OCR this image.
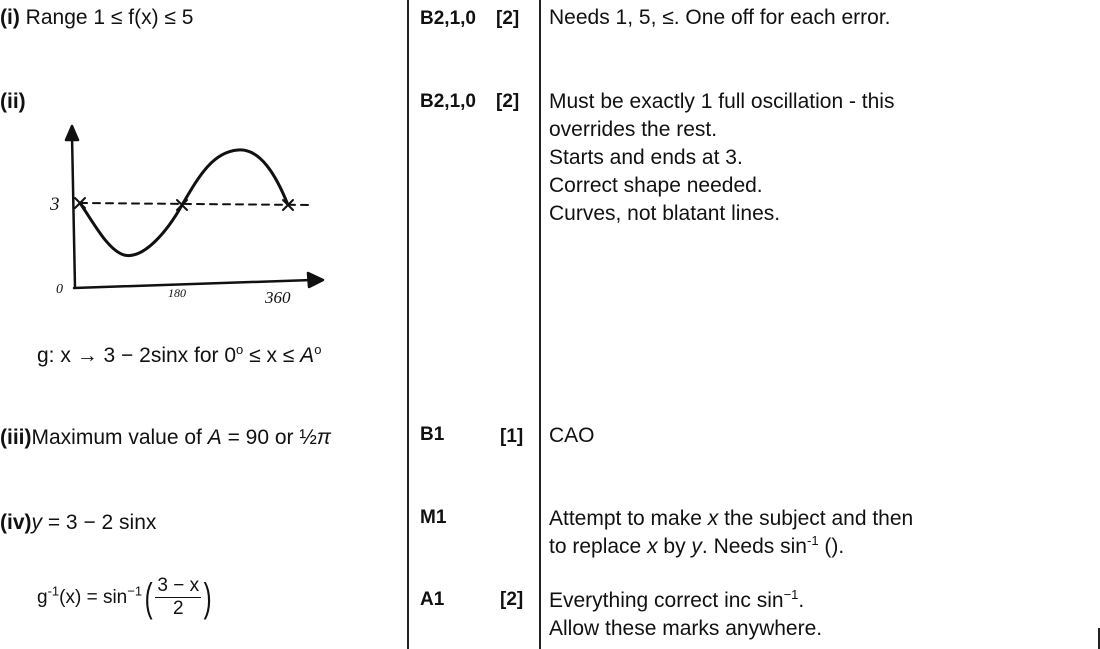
(i) Range 1 ≤ f(x) ≤ 5	B2,1,0 [2] Needs 1, 5, ≤. One off for each error.
(ii)	B2,1,0 [2] Must be exactly 1 full oscillation - this
overrides the rest.
Starts and ends at 3.
Correct shape needed.
Curves, not blatant lines.
3
0	180	360
g: x → 3 − 2sinx for $0^o \le x \le A^o$
(iii)Maximum value of A = 90 or ½π	B1	[1] CAO
(iv)y = 3 − 2 sinx	M1	Attempt to make x the subject and then
to replace x by y. Needs $\sin^{-1}$ ().
$g^{-1}(x) = \sin^{-1}( \frac{3 - x}{2}$ )	A1	[2] Everything correct inc $\sin^{-1}$.
Allow these marks anywhere.
